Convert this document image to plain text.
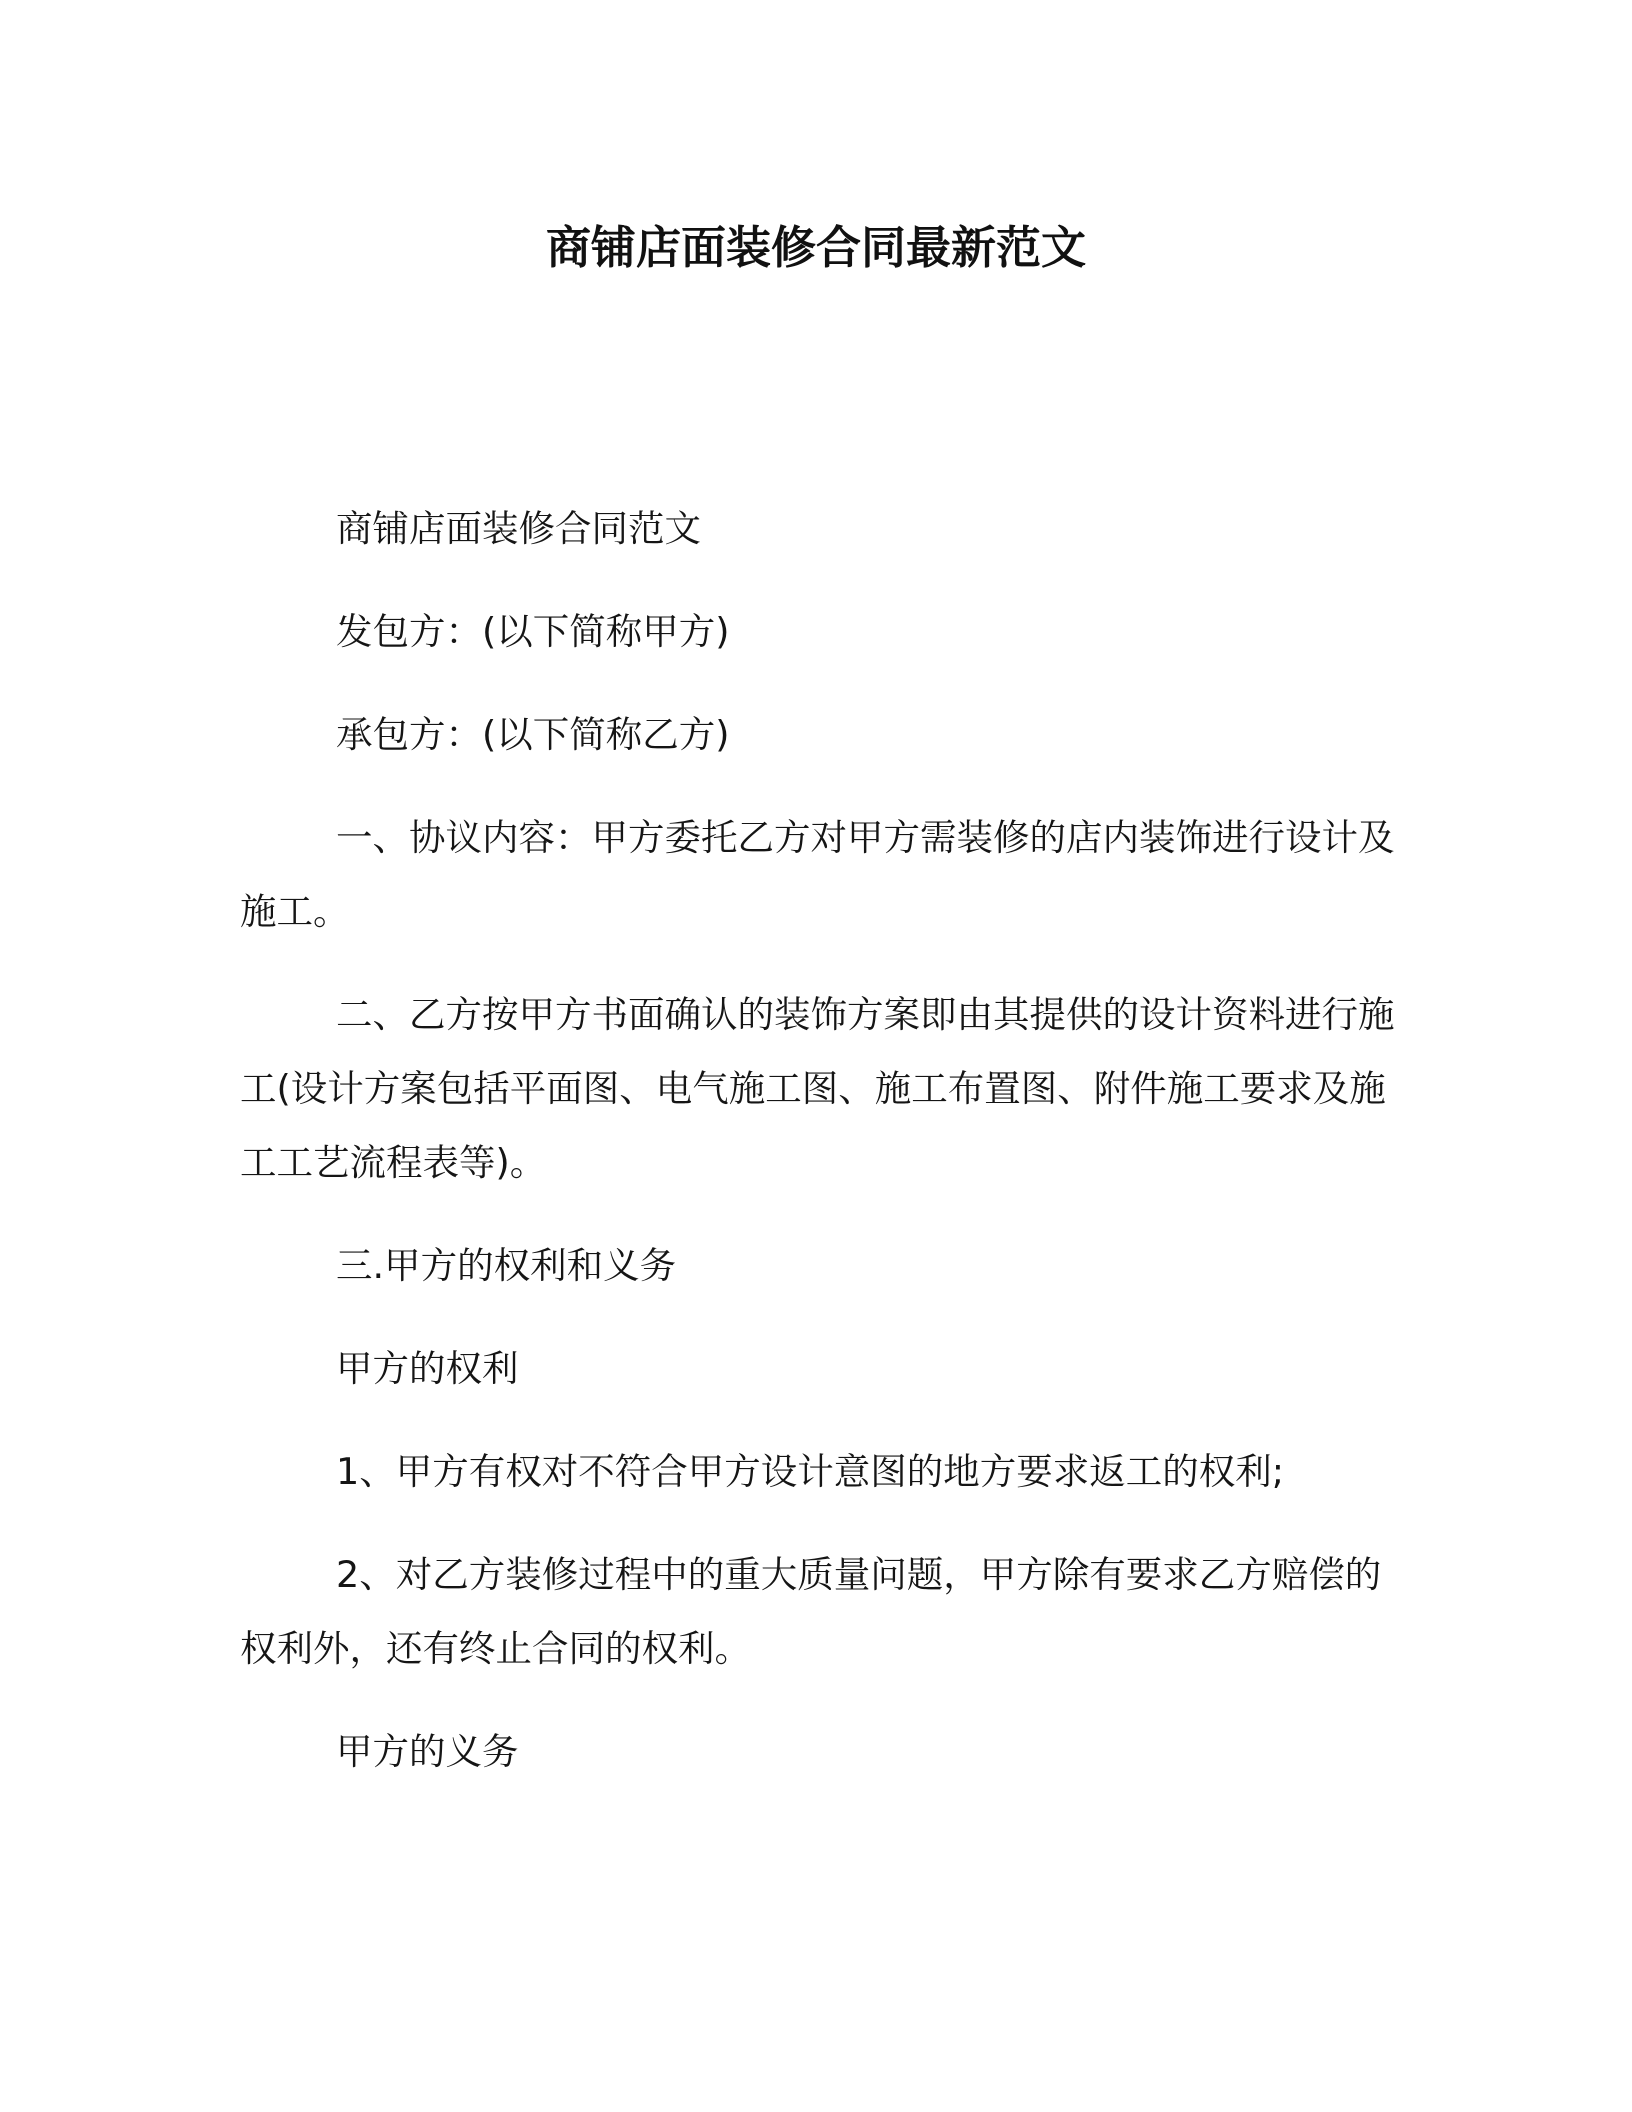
商铺店面装修合同最新范文

商铺店面装修合同范文

发包方：(以下简称甲方)

承包方：(以下简称乙方)

一、协议内容：甲方委托乙方对甲方需装修的店内装饰进行设计及施工。

二、乙方按甲方书面确认的装饰方案即由其提供的设计资料进行施工(设计方案包括平面图、电气施工图、施工布置图、附件施工要求及施工工艺流程表等)。

三.甲方的权利和义务

甲方的权利

1、甲方有权对不符合甲方设计意图的地方要求返工的权利;

2、对乙方装修过程中的重大质量问题，甲方除有要求乙方赔偿的权利外，还有终止合同的权利。

甲方的义务
